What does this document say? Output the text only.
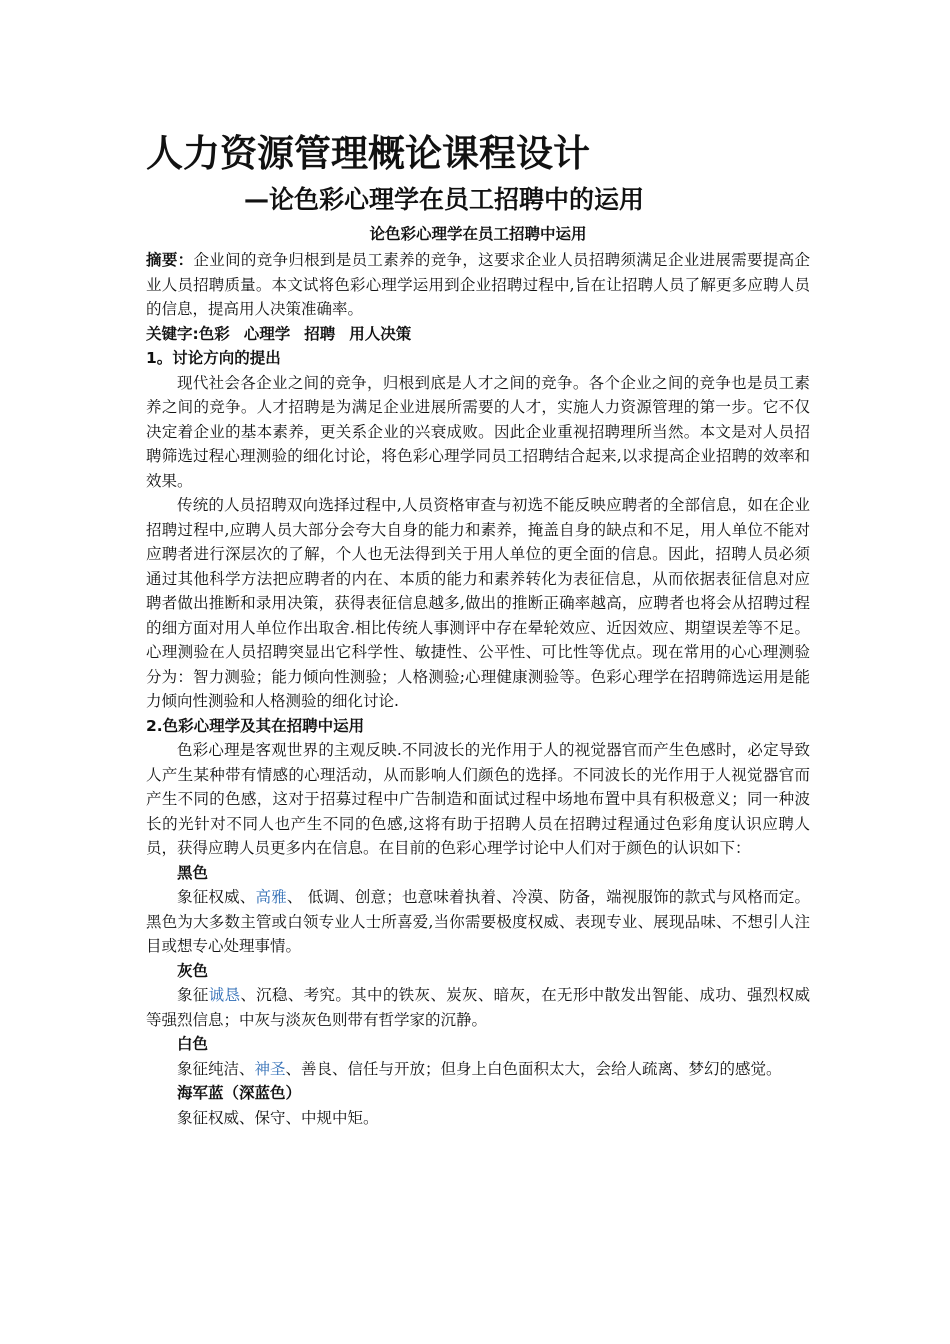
人力资源管理概论课程设计
—论色彩心理学在员工招聘中的运用
论色彩心理学在员工招聘中运用

摘要：企业间的竞争归根到是员工素养的竞争，这要求企业人员招聘须满足企业进展需要提高企业人员招聘质量。本文试将色彩心理学运用到企业招聘过程中,旨在让招聘人员了解更多应聘人员的信息，提高用人决策准确率。

关键字:色彩 心理学 招聘 用人决策

1。讨论方向的提出

现代社会各企业之间的竞争，归根到底是人才之间的竞争。各个企业之间的竞争也是员工素养之间的竞争。人才招聘是为满足企业进展所需要的人才，实施人力资源管理的第一步。它不仅决定着企业的基本素养，更关系企业的兴衰成败。因此企业重视招聘理所当然。本文是对人员招聘筛选过程心理测验的细化讨论，将色彩心理学同员工招聘结合起来,以求提高企业招聘的效率和效果。

传统的人员招聘双向选择过程中,人员资格审查与初选不能反映应聘者的全部信息，如在企业招聘过程中,应聘人员大部分会夸大自身的能力和素养，掩盖自身的缺点和不足，用人单位不能对应聘者进行深层次的了解，个人也无法得到关于用人单位的更全面的信息。因此，招聘人员必须通过其他科学方法把应聘者的内在、本质的能力和素养转化为表征信息，从而依据表征信息对应聘者做出推断和录用决策，获得表征信息越多,做出的推断正确率越高，应聘者也将会从招聘过程的细方面对用人单位作出取舍.相比传统人事测评中存在晕轮效应、近因效应、期望误差等不足。心理测验在人员招聘突显出它科学性、敏捷性、公平性、可比性等优点。现在常用的心心理测验分为：智力测验；能力倾向性测验；人格测验;心理健康测验等。色彩心理学在招聘筛选运用是能力倾向性测验和人格测验的细化讨论.

2.色彩心理学及其在招聘中运用

色彩心理是客观世界的主观反映.不同波长的光作用于人的视觉器官而产生色感时，必定导致人产生某种带有情感的心理活动，从而影响人们颜色的选择。不同波长的光作用于人视觉器官而产生不同的色感，这对于招募过程中广告制造和面试过程中场地布置中具有积极意义；同一种波长的光针对不同人也产生不同的色感,这将有助于招聘人员在招聘过程通过色彩角度认识应聘人员，获得应聘人员更多内在信息。在目前的色彩心理学讨论中人们对于颜色的认识如下：

黑色

象征权威、高雅、 低调、创意；也意味着执着、冷漠、防备，端视服饰的款式与风格而定。黑色为大多数主管或白领专业人士所喜爱,当你需要极度权威、表现专业、展现品味、不想引人注目或想专心处理事情。

灰色

象征诚恳、沉稳、考究。其中的铁灰、炭灰、暗灰，在无形中散发出智能、成功、强烈权威等强烈信息；中灰与淡灰色则带有哲学家的沉静。

白色

象征纯洁、神圣、善良、信任与开放；但身上白色面积太大，会给人疏离、梦幻的感觉。

海军蓝（深蓝色）

象征权威、保守、中规中矩。
